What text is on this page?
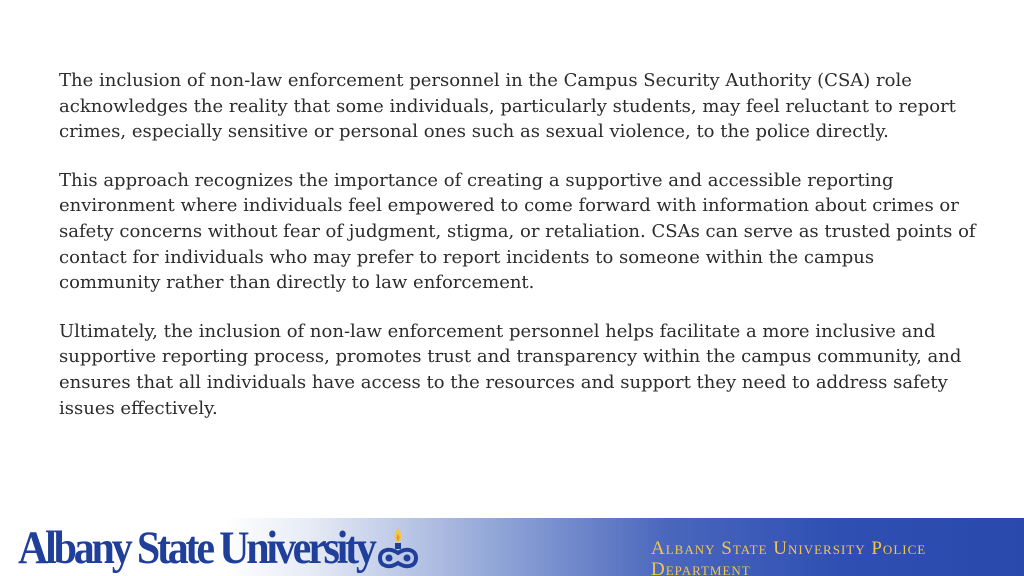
The inclusion of non-law enforcement personnel in the Campus Security Authority (CSA) role acknowledges the reality that some individuals, particularly students, may feel reluctant to report crimes, especially sensitive or personal ones such as sexual violence, to the police directly.

This approach recognizes the importance of creating a supportive and accessible reporting environment where individuals feel empowered to come forward with information about crimes or safety concerns without fear of judgment, stigma, or retaliation. CSAs can serve as trusted points of contact for individuals who may prefer to report incidents to someone within the campus community rather than directly to law enforcement.

Ultimately, the inclusion of non-law enforcement personnel helps facilitate a more inclusive and supportive reporting process, promotes trust and transparency within the campus community, and ensures that all individuals have access to the resources and support they need to address safety issues effectively.

Albany State University	Albany State University Police Department
